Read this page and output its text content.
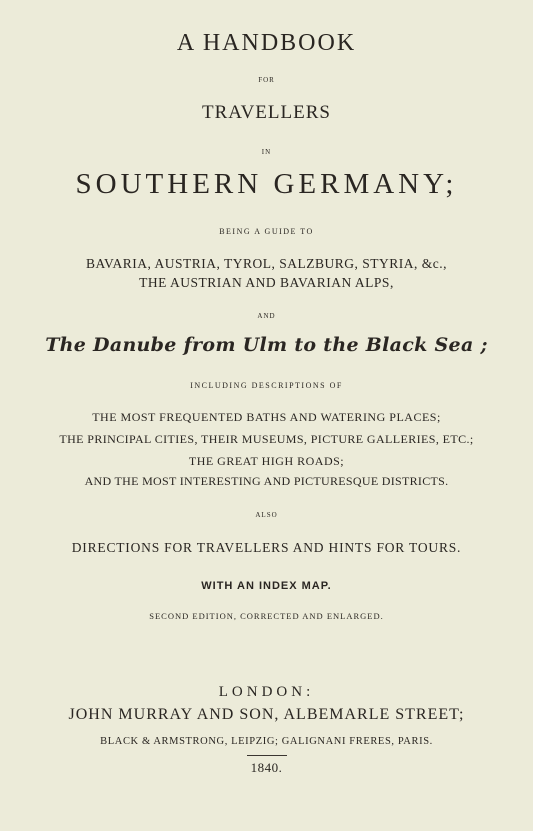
A HANDBOOK

FOR

TRAVELLERS

IN

SOUTHERN GERMANY;

BEING A GUIDE TO

BAVARIA, AUSTRIA, TYROL, SALZBURG, STYRIA, &c.,

THE AUSTRIAN AND BAVARIAN ALPS,

AND

The Danube from Ulm to the Black Sea ;

INCLUDING DESCRIPTIONS OF

THE MOST FREQUENTED BATHS AND WATERING PLACES;

THE PRINCIPAL CITIES, THEIR MUSEUMS, PICTURE GALLERIES, ETC.;

THE GREAT HIGH ROADS;

AND THE MOST INTERESTING AND PICTURESQUE DISTRICTS.

ALSO

DIRECTIONS FOR TRAVELLERS AND HINTS FOR TOURS.

WITH AN INDEX MAP.

SECOND EDITION, CORRECTED AND ENLARGED.

LONDON:

JOHN MURRAY AND SON, ALBEMARLE STREET;

BLACK & ARMSTRONG, LEIPZIG; GALIGNANI FRERES, PARIS.

1840.
